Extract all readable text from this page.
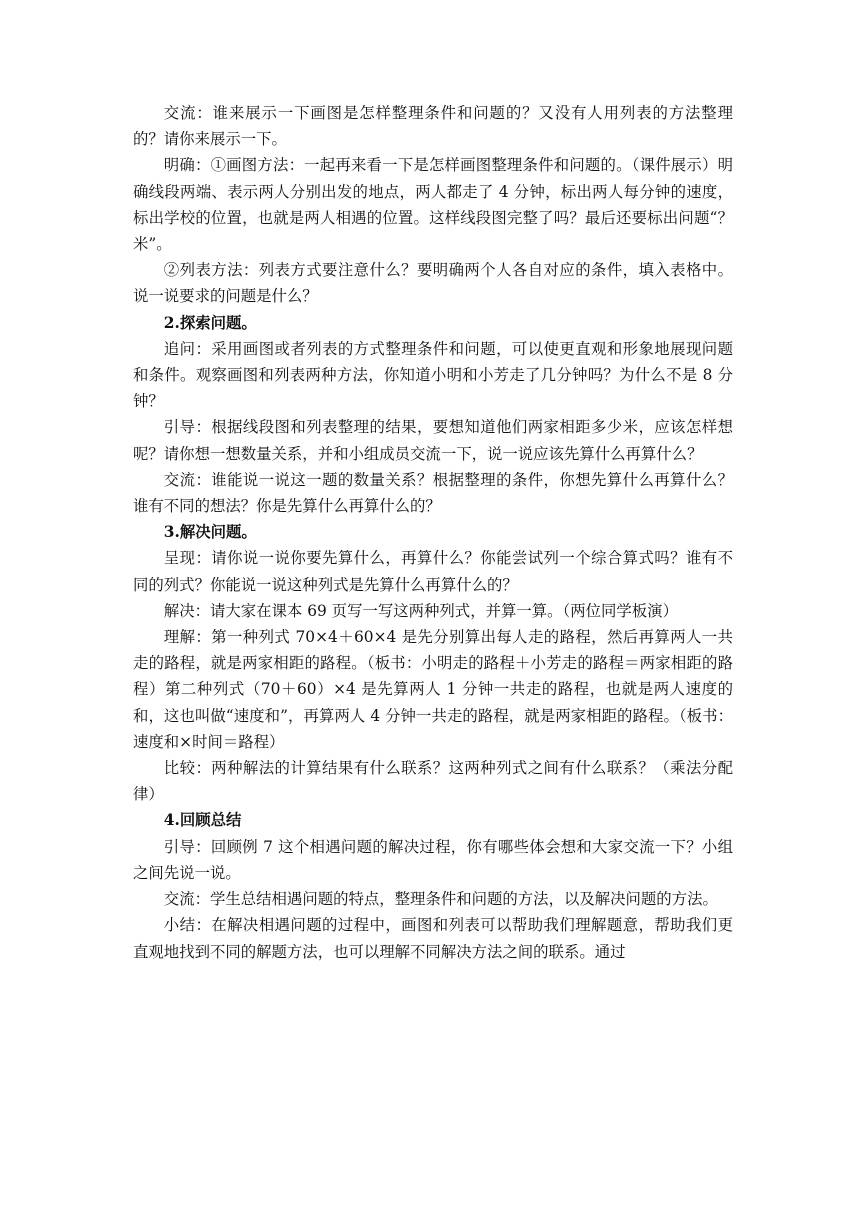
交流：谁来展示一下画图是怎样整理条件和问题的？又没有人用列表的方法整理的？请你来展示一下。

明确：①画图方法：一起再来看一下是怎样画图整理条件和问题的。（课件展示）明确线段两端、表示两人分别出发的地点，两人都走了 4 分钟，标出两人每分钟的速度，标出学校的位置，也就是两人相遇的位置。这样线段图完整了吗？最后还要标出问题“？米”。

②列表方法：列表方式要注意什么？要明确两个人各自对应的条件，填入表格中。说一说要求的问题是什么？

2.探索问题。

追问：采用画图或者列表的方式整理条件和问题，可以使更直观和形象地展现问题和条件。观察画图和列表两种方法，你知道小明和小芳走了几分钟吗？为什么不是 8 分钟？

引导：根据线段图和列表整理的结果，要想知道他们两家相距多少米，应该怎样想呢？请你想一想数量关系，并和小组成员交流一下，说一说应该先算什么再算什么？

交流：谁能说一说这一题的数量关系？根据整理的条件，你想先算什么再算什么？谁有不同的想法？你是先算什么再算什么的？

3.解决问题。

呈现：请你说一说你要先算什么，再算什么？你能尝试列一个综合算式吗？谁有不同的列式？你能说一说这种列式是先算什么再算什么的？

解决：请大家在课本 69 页写一写这两种列式，并算一算。（两位同学板演）

理解：第一种列式 70×4＋60×4 是先分别算出每人走的路程，然后再算两人一共走的路程，就是两家相距的路程。（板书：小明走的路程＋小芳走的路程＝两家相距的路程）第二种列式（70＋60）×4 是先算两人 1 分钟一共走的路程，也就是两人速度的和，这也叫做“速度和”，再算两人 4 分钟一共走的路程，就是两家相距的路程。（板书：速度和×时间＝路程）

比较：两种解法的计算结果有什么联系？这两种列式之间有什么联系？（乘法分配律）

4.回顾总结

引导：回顾例 7 这个相遇问题的解决过程，你有哪些体会想和大家交流一下？小组之间先说一说。

交流：学生总结相遇问题的特点，整理条件和问题的方法，以及解决问题的方法。

小结：在解决相遇问题的过程中，画图和列表可以帮助我们理解题意，帮助我们更直观地找到不同的解题方法，也可以理解不同解决方法之间的联系。通过
